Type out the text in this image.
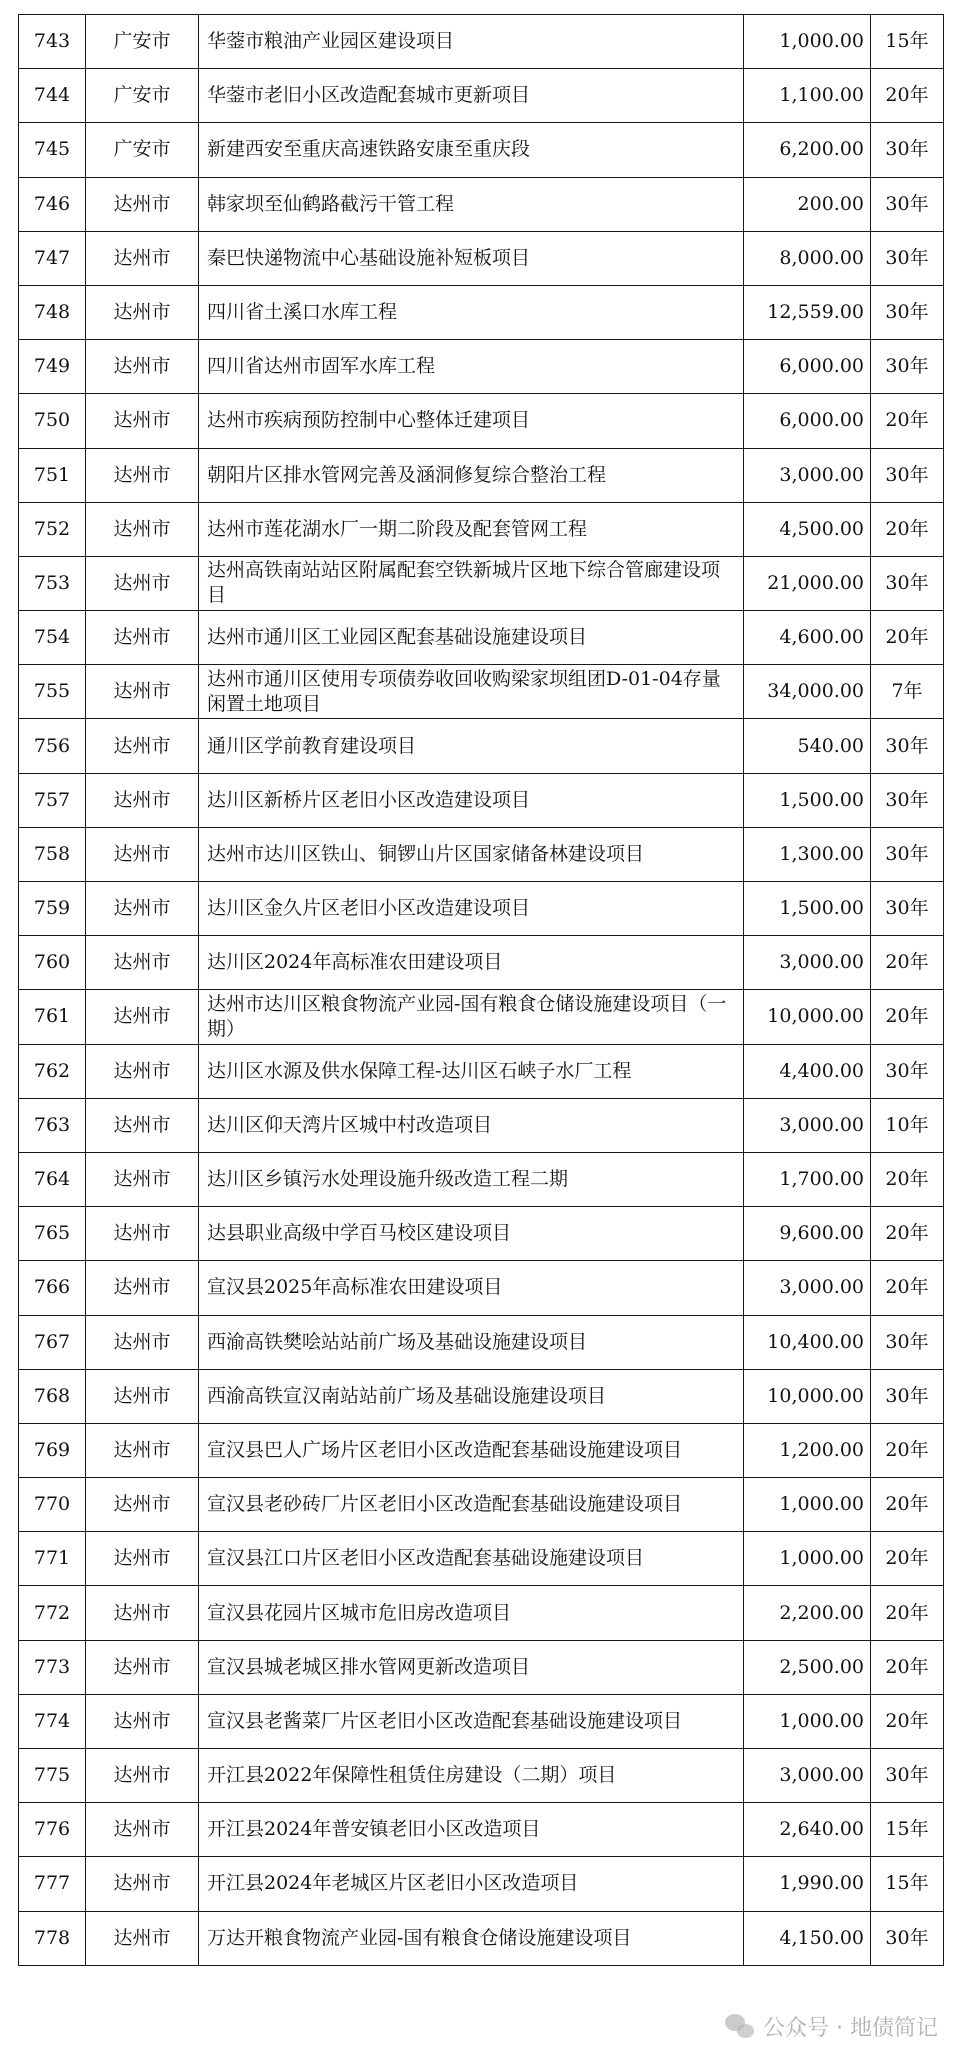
743	广安市	华蓥市粮油产业园区建设项目	1,000.00	15年
744	广安市	华蓥市老旧小区改造配套城市更新项目	1,100.00	20年
745	广安市	新建西安至重庆高速铁路安康至重庆段	6,200.00	30年
746	达州市	韩家坝至仙鹤路截污干管工程	200.00	30年
747	达州市	秦巴快递物流中心基础设施补短板项目	8,000.00	30年
748	达州市	四川省土溪口水库工程	12,559.00	30年
749	达州市	四川省达州市固军水库工程	6,000.00	30年
750	达州市	达州市疾病预防控制中心整体迁建项目	6,000.00	20年
751	达州市	朝阳片区排水管网完善及涵洞修复综合整治工程	3,000.00	30年
752	达州市	达州市莲花湖水厂一期二阶段及配套管网工程	4,500.00	20年
753	达州市	达州高铁南站站区附属配套空铁新城片区地下综合管廊建设项目	21,000.00	30年
754	达州市	达州市通川区工业园区配套基础设施建设项目	4,600.00	20年
755	达州市	达州市通川区使用专项债券收回收购梁家坝组团D-01-04存量闲置土地项目	34,000.00	7年
756	达州市	通川区学前教育建设项目	540.00	30年
757	达州市	达川区新桥片区老旧小区改造建设项目	1,500.00	30年
758	达州市	达州市达川区铁山、铜锣山片区国家储备林建设项目	1,300.00	30年
759	达州市	达川区金久片区老旧小区改造建设项目	1,500.00	30年
760	达州市	达川区2024年高标准农田建设项目	3,000.00	20年
761	达州市	达州市达川区粮食物流产业园-国有粮食仓储设施建设项目（一期）	10,000.00	20年
762	达州市	达川区水源及供水保障工程-达川区石峡子水厂工程	4,400.00	30年
763	达州市	达川区仰天湾片区城中村改造项目	3,000.00	10年
764	达州市	达川区乡镇污水处理设施升级改造工程二期	1,700.00	20年
765	达州市	达县职业高级中学百马校区建设项目	9,600.00	20年
766	达州市	宣汉县2025年高标准农田建设项目	3,000.00	20年
767	达州市	西渝高铁樊哙站站前广场及基础设施建设项目	10,400.00	30年
768	达州市	西渝高铁宣汉南站站前广场及基础设施建设项目	10,000.00	30年
769	达州市	宣汉县巴人广场片区老旧小区改造配套基础设施建设项目	1,200.00	20年
770	达州市	宣汉县老砂砖厂片区老旧小区改造配套基础设施建设项目	1,000.00	20年
771	达州市	宣汉县江口片区老旧小区改造配套基础设施建设项目	1,000.00	20年
772	达州市	宣汉县花园片区城市危旧房改造项目	2,200.00	20年
773	达州市	宣汉县城老城区排水管网更新改造项目	2,500.00	20年
774	达州市	宣汉县老酱菜厂片区老旧小区改造配套基础设施建设项目	1,000.00	20年
775	达州市	开江县2022年保障性租赁住房建设（二期）项目	3,000.00	30年
776	达州市	开江县2024年普安镇老旧小区改造项目	2,640.00	15年
777	达州市	开江县2024年老城区片区老旧小区改造项目	1,990.00	15年
778	达州市	万达开粮食物流产业园-国有粮食仓储设施建设项目	4,150.00	30年
公众号 · 地债简记
